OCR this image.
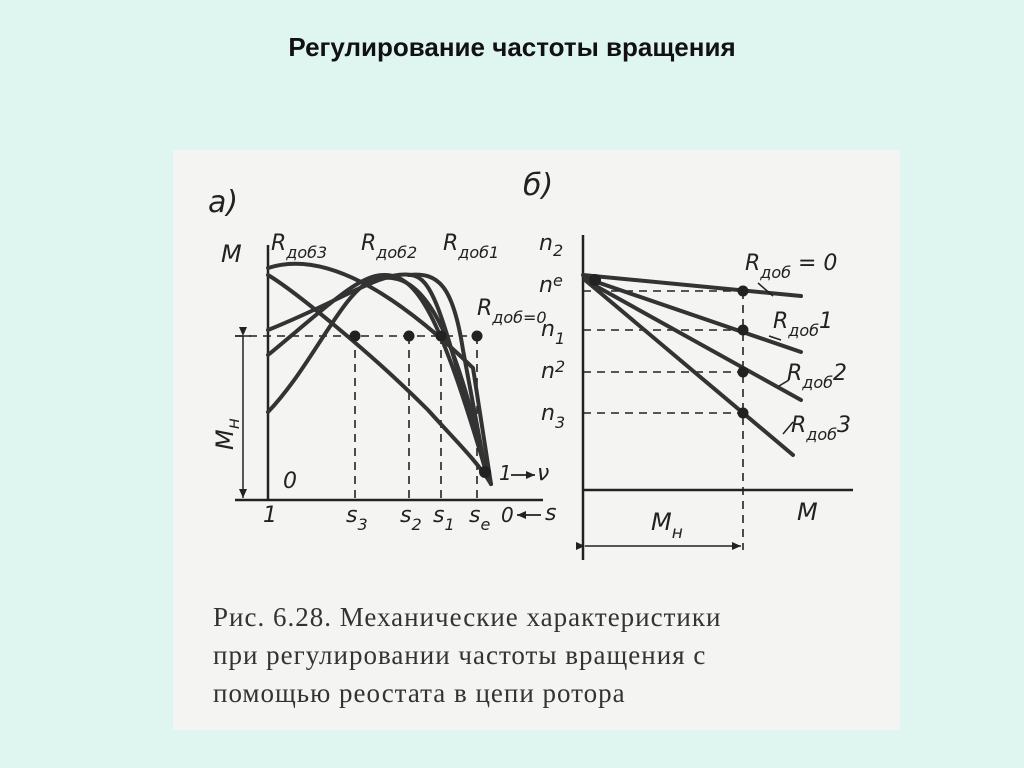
Регулирование частоты вращения
а)
М
$М_н$
$R_{доб3}$ $R_{доб2}$ $R_{доб1}$
$R_{доб=0}$
0
1
1 ν
$s_3$ $s_2$ $s_1$ $s_e$ 0 s
б)
$n_2$
$n^e$
$n_1$
$n^2$
$n_3$
$R_{доб} = 0$
$R_{доб}1$
$R_{доб}2$
$R_{доб}3$
М
$М_н$
Рис. 6.28. Механические характеристики
при регулировании частоты вращения с
помощью реостата в цепи ротора
